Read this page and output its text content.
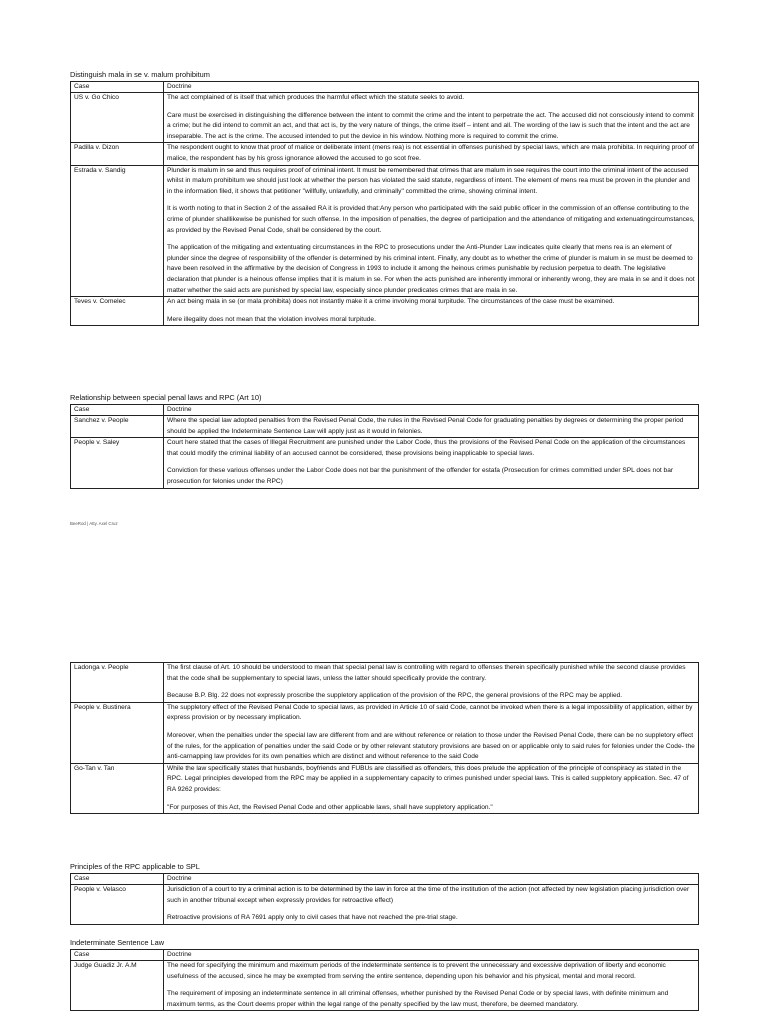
Distinguish mala in se v. malum prohibitum
Case	Doctrine
US v. Go Chico	The act complained of is itself that which produces the harmful effect which the statute seeks to avoid.

Care must be exercised in distinguishing the difference between the intent to commit the crime and the intent to perpetrate the act. The accused did not consciously intend to commit a crime; but he did intend to commit an act, and that act is, by the very nature of things, the crime itself – intent and all. The wording of the law is such that the intent and the act are inseparable. The act is the crime. The accused intended to put the device in his window. Nothing more is required to commit the crime.

Padilla v. Dizon	The respondent ought to know that proof of malice or deliberate intent (mens rea) is not essential in offenses punished by special laws, which are mala prohibita. In requiring proof of malice, the respondent has by his gross ignorance allowed the accused to go scot free.

Estrada v. Sandig	Plunder is malum in se and thus requires proof of criminal intent. It must be remembered that crimes that are malum in see requires the court into the criminal intent of the accused whilst in malum prohibitum we should just look at whether the person has violated the said statute, regardless of intent. The element of mens rea must be proven in the plunder and in the information filed, it shows that petitioner "willfully, unlawfully, and criminally" committed the crime, showing criminal intent.

It is worth noting to that in Section 2 of the assailed RA it is provided that:Any person who participated with the said public officer in the commission of an offense contributing to the crime of plunder shalllikewise be punished for such offense. In the imposition of penalties, the degree of participation and the attendance of mitigating and extenuatingcircumstances, as provided by the Revised Penal Code, shall be considered by the court.

The application of the mitigating and extentuating circumstances in the RPC to prosecutions under the Anti-Plunder Law indicates quite clearly that mens rea is an element of plunder since the degree of responsibility of the offender is determined by his criminal intent. Finally, any doubt as to whether the crime of plunder is malum in se must be deemed to have been resolved in the affirmative by the decision of Congress in 1993 to include it among the heinous crimes punishable by reclusion perpetua to death. The legislative declaration that plunder is a heinous offense implies that it is malum in se. For when the acts punished are inherently immoral or inherently wrong, they are mala in se and it does not matter whether the said acts are punished by special law, especially since plunder predicates crimes that are mala in se.

Teves v. Comelec	An act being mala in se (or mala prohibita) does not instantly make it a crime involving moral turpitude. The circumstances of the case must be examined.

Mere illegality does not mean that the violation involves moral turpitude.

Relationship between special penal laws and RPC (Art 10)
Case	Doctrine
Sanchez v. People	Where the special law adopted penalties from the Revised Penal Code, the rules in the Revised Penal Code for graduating penalties by degrees or determining the proper period should be applied the Indeterminate Sentence Law will apply just as it would in felonies.

People v. Saley	Court here stated that the cases of Illegal Recruitment are punished under the Labor Code, thus the provisions of the Revised Penal Code on the application of the circumstances that could modify the criminal liability of an accused cannot be considered, these provisions being inapplicable to special laws.

Conviction for these various offenses under the Labor Code does not bar the punishment of the offender for estafa (Prosecution for crimes committed under SPL does not bar prosecution for felonies under the RPC)

BeeRod | Atty. Axel Cruz
Ladonga v. People	The first clause of Art. 10 should be understood to mean that special penal law is controlling with regard to offenses therein specifically punished while the second clause provides that the code shall be supplementary to special laws, unless the latter should specifically provide the contrary.

Because B.P. Blg. 22 does not expressly proscribe the suppletory application of the provision of the RPC, the general provisions of the RPC may be applied.

People v. Bustinera	The suppletory effect of the Revised Penal Code to special laws, as provided in Article 10 of said Code, cannot be invoked when there is a legal impossibility of application, either by express provision or by necessary implication.

Moreover, when the penalties under the special law are different from and are without reference or relation to those under the Revised Penal Code, there can be no suppletory effect of the rules, for the application of penalties under the said Code or by other relevant statutory provisions are based on or applicable only to said rules for felonies under the Code- the anti-carnapping law provides for its own penalties which are distinct and without reference to the said Code

Go-Tan v. Tan	While the law specifically states that husbands, boyfriends and FUBUs are classified as offenders, this does prelude the application of the principle of conspiracy as stated in the RPC. Legal principles developed from the RPC may be applied in a supplementary capacity to crimes punished under special laws. This is called suppletory application. Sec. 47 of RA 9262 provides:

"For purposes of this Act, the Revised Penal Code and other applicable laws, shall have suppletory application."

Principles of the RPC applicable to SPL
Case	Doctrine
People v. Velasco	Jurisdiction of a court to try a criminal action is to be determined by the law in force at the time of the institution of the action (not affected by new legislation placing jurisdiction over such in another tribunal except when expressly provides for retroactive effect)

Retroactive provisions of RA 7691 apply only to civil cases that have not reached the pre-trial stage.

Indeterminate Sentence Law
Case	Doctrine
Judge Guadiz Jr. A.M	The need for specifying the minimum and maximum periods of the indeterminate sentence is to prevent the unnecessary and excessive deprivation of liberty and economic usefulness of the accused, since he may be exempted from serving the entire sentence, depending upon his behavior and his physical, mental and moral record.

The requirement of imposing an indeterminate sentence in all criminal offenses, whether punished by the Revised Penal Code or by special laws, with definite minimum and maximum terms, as the Court deems proper within the legal range of the penalty specified by the law must, therefore, be deemed mandatory.
